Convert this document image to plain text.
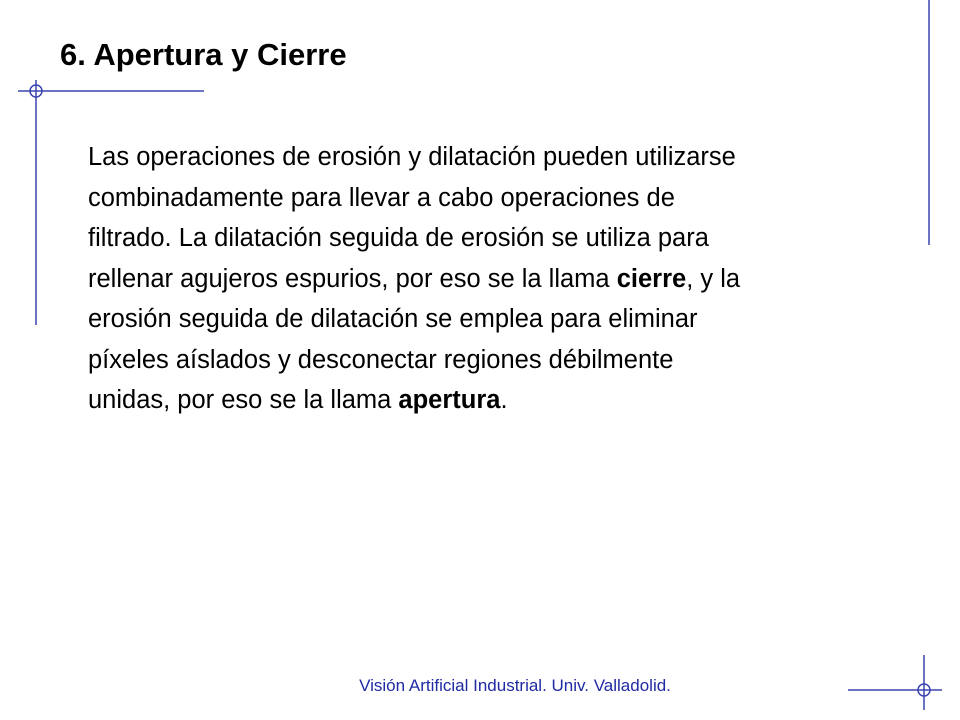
6. Apertura y Cierre
Las operaciones de erosión y dilatación pueden utilizarse
combinadamente para llevar a cabo operaciones de
filtrado. La dilatación seguida de erosión se utiliza para
rellenar agujeros espurios, por eso se la llama cierre, y la
erosión seguida de dilatación se emplea para eliminar
píxeles aíslados y desconectar regiones débilmente
unidas, por eso se la llama apertura.
Visión Artificial Industrial. Univ. Valladolid.
